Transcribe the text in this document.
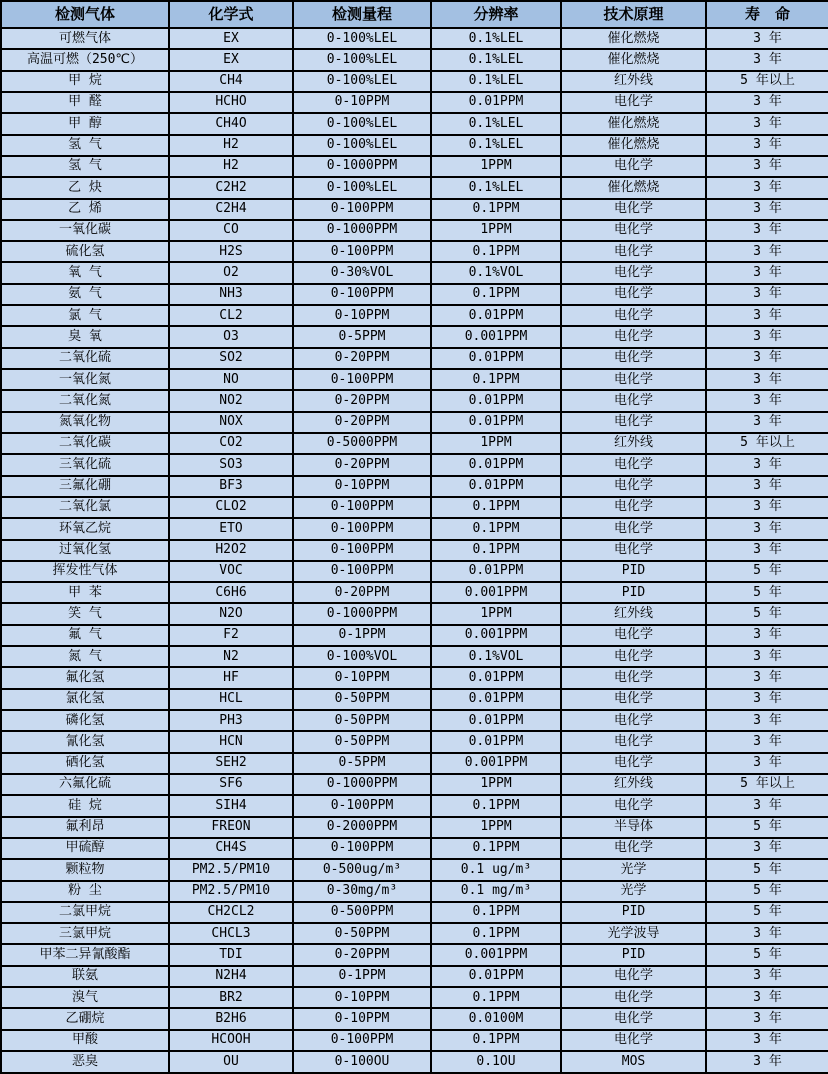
检测气体	化学式	检测量程	分辨率	技术原理	寿　命
可燃气体	EX	0-100%LEL	0.1%LEL	催化燃烧	3 年
高温可燃（250℃）	EX	0-100%LEL	0.1%LEL	催化燃烧	3 年
甲 烷	CH4	0-100%LEL	0.1%LEL	红外线	5 年以上
甲 醛	HCHO	0-10PPM	0.01PPM	电化学	3 年
甲 醇	CH4O	0-100%LEL	0.1%LEL	催化燃烧	3 年
氢 气	H2	0-100%LEL	0.1%LEL	催化燃烧	3 年
氢 气	H2	0-1000PPM	1PPM	电化学	3 年
乙 炔	C2H2	0-100%LEL	0.1%LEL	催化燃烧	3 年
乙 烯	C2H4	0-100PPM	0.1PPM	电化学	3 年
一氧化碳	CO	0-1000PPM	1PPM	电化学	3 年
硫化氢	H2S	0-100PPM	0.1PPM	电化学	3 年
氧 气	O2	0-30%VOL	0.1%VOL	电化学	3 年
氨 气	NH3	0-100PPM	0.1PPM	电化学	3 年
氯 气	CL2	0-10PPM	0.01PPM	电化学	3 年
臭 氧	O3	0-5PPM	0.001PPM	电化学	3 年
二氧化硫	SO2	0-20PPM	0.01PPM	电化学	3 年
一氧化氮	NO	0-100PPM	0.1PPM	电化学	3 年
二氧化氮	NO2	0-20PPM	0.01PPM	电化学	3 年
氮氧化物	NOX	0-20PPM	0.01PPM	电化学	3 年
二氧化碳	CO2	0-5000PPM	1PPM	红外线	5 年以上
三氧化硫	SO3	0-20PPM	0.01PPM	电化学	3 年
三氟化硼	BF3	0-10PPM	0.01PPM	电化学	3 年
二氧化氯	CLO2	0-100PPM	0.1PPM	电化学	3 年
环氧乙烷	ETO	0-100PPM	0.1PPM	电化学	3 年
过氧化氢	H2O2	0-100PPM	0.1PPM	电化学	3 年
挥发性气体	VOC	0-100PPM	0.01PPM	PID	5 年
甲 苯	C6H6	0-20PPM	0.001PPM	PID	5 年
笑 气	N2O	0-1000PPM	1PPM	红外线	5 年
氟 气	F2	0-1PPM	0.001PPM	电化学	3 年
氮 气	N2	0-100%VOL	0.1%VOL	电化学	3 年
氟化氢	HF	0-10PPM	0.01PPM	电化学	3 年
氯化氢	HCL	0-50PPM	0.01PPM	电化学	3 年
磷化氢	PH3	0-50PPM	0.01PPM	电化学	3 年
氰化氢	HCN	0-50PPM	0.01PPM	电化学	3 年
硒化氢	SEH2	0-5PPM	0.001PPM	电化学	3 年
六氟化硫	SF6	0-1000PPM	1PPM	红外线	5 年以上
硅 烷	SIH4	0-100PPM	0.1PPM	电化学	3 年
氟利昂	FREON	0-2000PPM	1PPM	半导体	5 年
甲硫醇	CH4S	0-100PPM	0.1PPM	电化学	3 年
颗粒物	PM2.5/PM10	0-500ug/m³	0.1 ug/m³	光学	5 年
粉 尘	PM2.5/PM10	0-30mg/m³	0.1 mg/m³	光学	5 年
二氯甲烷	CH2CL2	0-500PPM	0.1PPM	PID	5 年
三氯甲烷	CHCL3	0-50PPM	0.1PPM	光学波导	3 年
甲苯二异氰酸酯	TDI	0-20PPM	0.001PPM	PID	5 年
联氨	N2H4	0-1PPM	0.01PPM	电化学	3 年
溴气	BR2	0-10PPM	0.1PPM	电化学	3 年
乙硼烷	B2H6	0-10PPM	0.0100M	电化学	3 年
甲酸	HCOOH	0-100PPM	0.1PPM	电化学	3 年
恶臭	OU	0-100OU	0.1OU	MOS	3 年
